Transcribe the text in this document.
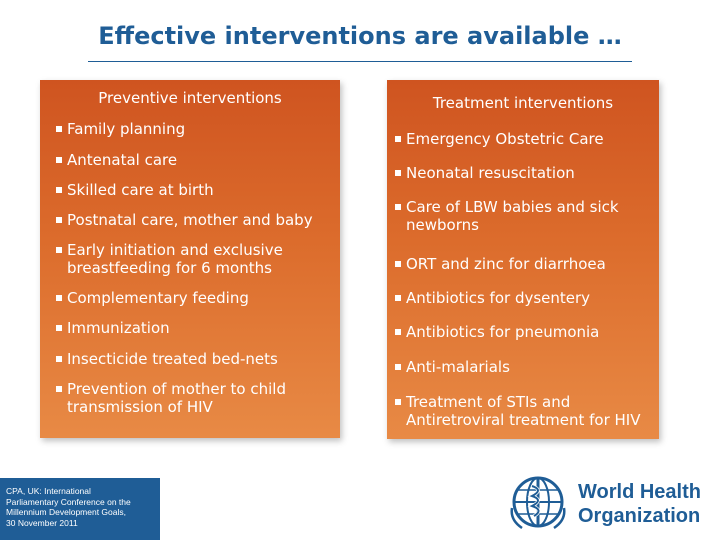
Effective interventions are available …
Preventive interventions
Family planning
Antenatal care
Skilled care at birth
Postnatal care, mother and baby
Early initiation and exclusive
breastfeeding for 6 months
Complementary feeding
Immunization
Insecticide treated bed-nets
Prevention of mother to child
transmission of HIV
Treatment interventions
Emergency Obstetric Care
Neonatal resuscitation
Care of LBW babies and sick
newborns
ORT and zinc for diarrhoea
Antibiotics for dysentery
Antibiotics for pneumonia
Anti-malarials
Treatment of STIs and
Antiretroviral treatment for HIV
CPA, UK: International
Parliamentary Conference on the
Millennium Development Goals,
30 November 2011
World Health
Organization
